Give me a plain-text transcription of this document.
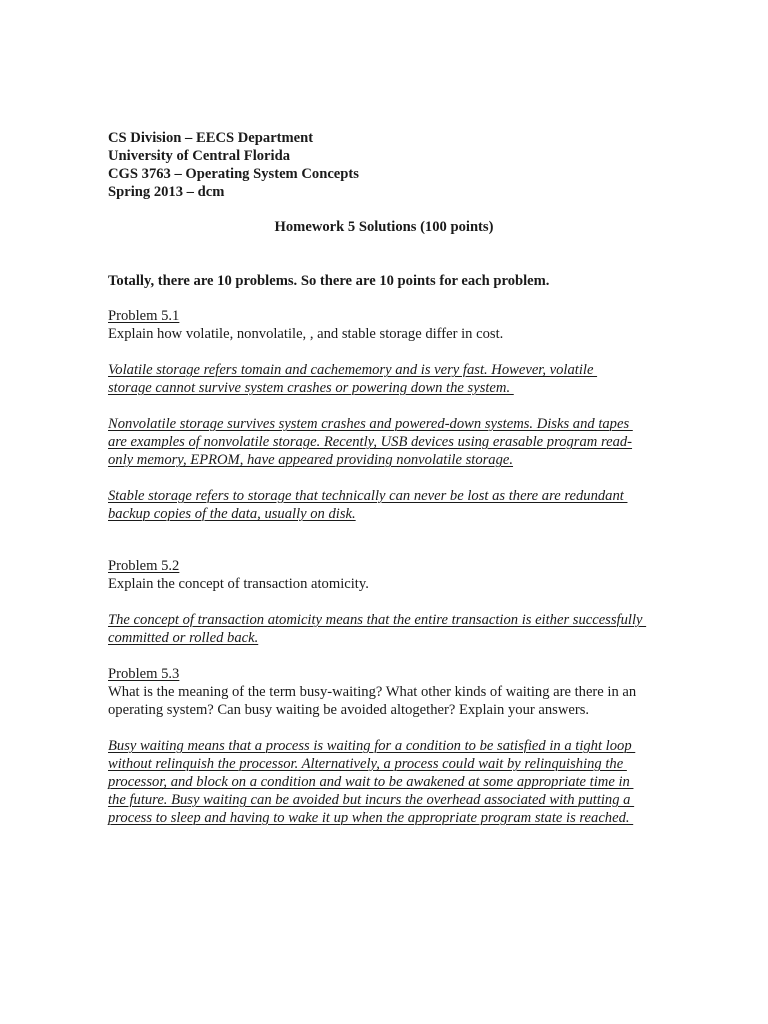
CS Division – EECS Department
University of Central Florida
CGS 3763 – Operating System Concepts
Spring 2013 – dcm
Homework 5 Solutions (100 points)
Totally, there are 10 problems. So there are 10 points for each problem.
Problem 5.1
Explain how volatile, nonvolatile, , and stable storage differ in cost.
Volatile storage refers tomain and cachememory and is very fast. However, volatile
storage cannot survive system crashes or powering down the system.
Nonvolatile storage survives system crashes and powered-down systems. Disks and tapes
are examples of nonvolatile storage. Recently, USB devices using erasable program read-
only memory, EPROM, have appeared providing nonvolatile storage.
Stable storage refers to storage that technically can never be lost as there are redundant
backup copies of the data, usually on disk.
Problem 5.2
Explain the concept of transaction atomicity.
The concept of transaction atomicity means that the entire transaction is either successfully
committed or rolled back.
Problem 5.3
What is the meaning of the term busy-waiting? What other kinds of waiting are there in an
operating system? Can busy waiting be avoided altogether? Explain your answers.
Busy waiting means that a process is waiting for a condition to be satisfied in a tight loop
without relinquish the processor. Alternatively, a process could wait by relinquishing the
processor, and block on a condition and wait to be awakened at some appropriate time in
the future. Busy waiting can be avoided but incurs the overhead associated with putting a
process to sleep and having to wake it up when the appropriate program state is reached.
